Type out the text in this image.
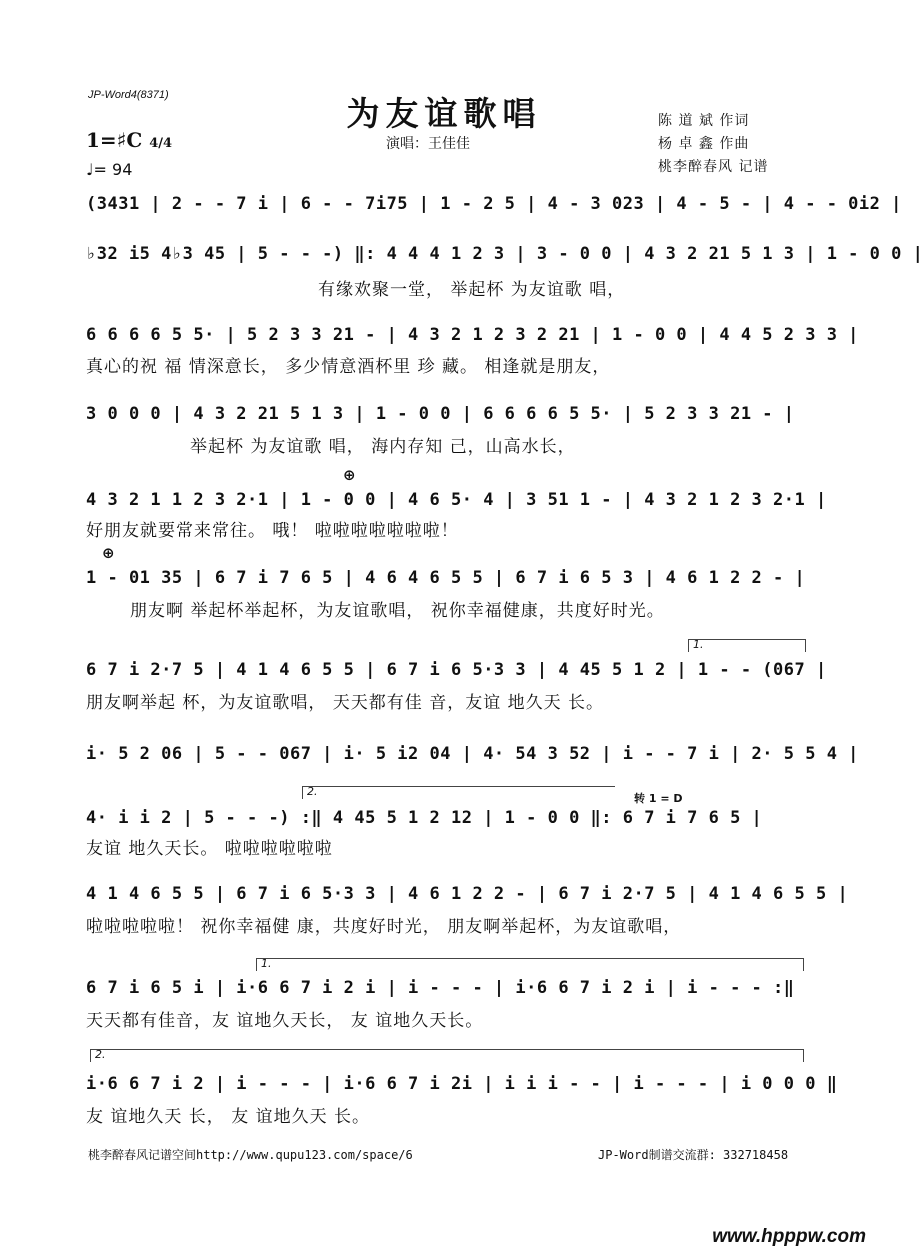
JP-Word4(8371)	为友谊歌唱
演唱：王佳佳
陈 道 斌 作词
杨 卓 鑫 作曲
桃李醉春风 记谱
1=♯C 4/4
♩= 94
(3431 | 2 - - 7 i | 6 - - 7i75 | 1 - 2 5 | 4 - 3 023 | 4 - 5 - | 4 - - 0i2 |
♭32 i5 4♭3 45 | 5 - - -) ‖: 4 4 4 1 2 3 | 3 - 0 0 | 4 3 2 21 5 1 3 | 1 - 0 0 |
有缘欢聚一堂， 举起杯 为友谊歌 唱，
6 6 6 6 5 5· | 5 2 3 3 21 - | 4 3 2 1 2 3 2 21 | 1 - 0 0 | 4 4 5 2 3 3 |
真心的祝 福 情深意长， 多少情意酒杯里 珍 藏。 相逢就是朋友，
3 0 0 0 | 4 3 2 21 5 1 3 | 1 - 0 0 | 6 6 6 6 5 5· | 5 2 3 3 21 - |
举起杯 为友谊歌 唱， 海内存知 己，山高水长，
⊕
4 3 2 1 1 2 3 2·1 | 1 - 0 0 | 4 6 5· 4 | 3 51 1 - | 4 3 2 1 2 3 2·1 |
好朋友就要常来常往。 哦！ 啦啦啦啦啦啦啦！
⊕
1 - 01 35 | 6 7 i 7 6 5 | 4 6 4 6 5 5 | 6 7 i 6 5 3 | 4 6 1 2 2 - |
朋友啊 举起杯举起杯，为友谊歌唱， 祝你幸福健康，共度好时光。
1.
6 7 i 2·7 5 | 4 1 4 6 5 5 | 6 7 i 6 5·3 3 | 4 45 5 1 2 | 1 - - (067 |
朋友啊举起 杯，为友谊歌唱， 天天都有佳 音，友谊 地久天 长。
i· 5 2 06 | 5 - - 067 | i· 5 i2 04 | 4· 54 3 52 | i - - 7 i | 2· 5 5 4 |
2.
转 1 = D
4· i i 2 | 5 - - -) :‖ 4 45 5 1 2 12 | 1 - 0 0 ‖: 6 7 i 7 6 5 |
友谊 地久天长。 啦啦啦啦啦啦
4 1 4 6 5 5 | 6 7 i 6 5·3 3 | 4 6 1 2 2 - | 6 7 i 2·7 5 | 4 1 4 6 5 5 |
啦啦啦啦啦！ 祝你幸福健 康，共度好时光， 朋友啊举起杯，为友谊歌唱，
1.
6 7 i 6 5 i | i·6 6 7 i 2 i | i - - - | i·6 6 7 i 2 i | i - - - :‖
天天都有佳音，友 谊地久天长， 友 谊地久天长。
2.
i·6 6 7 i 2 | i - - - | i·6 6 7 i 2i | i i i - - | i - - - | i 0 0 0 ‖
友 谊地久天 长， 友 谊地久天 长。
桃李醉春风记谱空间http://www.qupu123.com/space/6	JP-Word制谱交流群: 332718458
www.hpppw.com
